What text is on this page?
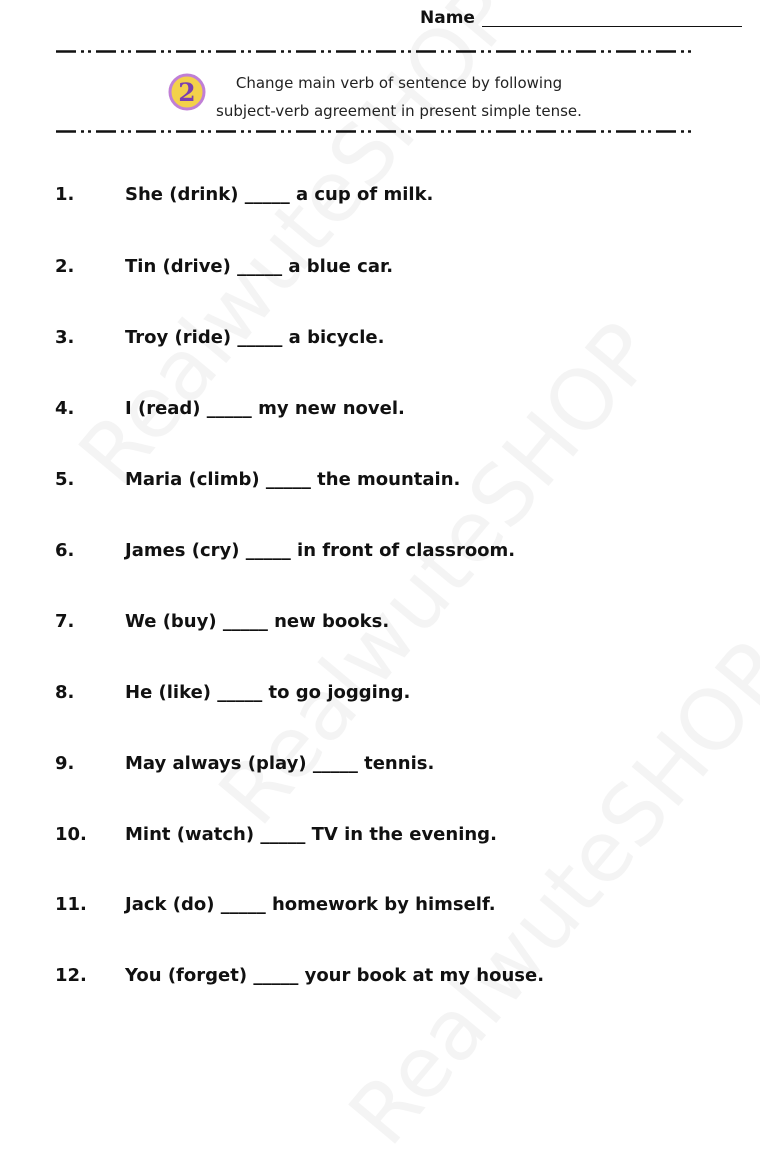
Name
2	Change main verb of sentence by following
subject-verb agreement in present simple tense.
1.	She (drink) _____ a cup of milk.
2.	Tin (drive) _____ a blue car.
3.	Troy (ride) _____ a bicycle.
4.	I (read) _____ my new novel.
5.	Maria (climb) _____ the mountain.
6.	James (cry) _____ in front of classroom.
7.	We (buy) _____ new books.
8.	He (like) _____ to go jogging.
9.	May always (play) _____ tennis.
10. Mint (watch) _____ TV in the evening.
11. Jack (do) _____ homework by himself.
12. You (forget) _____ your book at my house.
